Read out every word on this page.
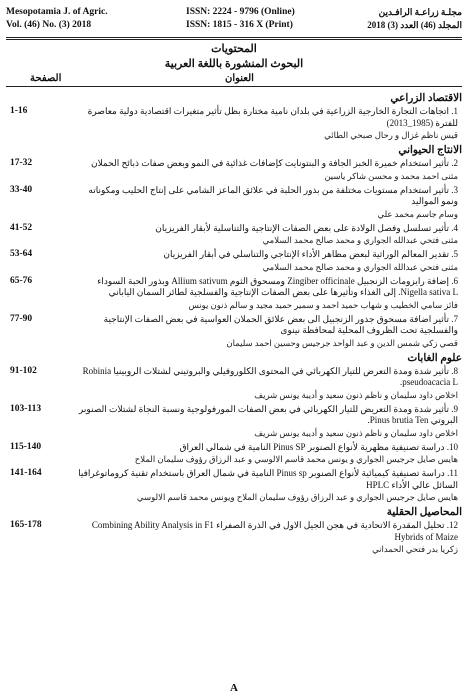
Mesopotamia J. of Agric.
Vol. (46) No. (3) 2018
ISSN: 2224 - 9796 (Online)
ISSN: 1815 - 316 X (Print)
مجلـة زراعـة الرافـدين
المجلد (46) العدد (3) 2018
المحتويات
البحوث المنشورة باللغة العربية
الصفحة	العنوان
الاقتصاد الزراعي
1-16	1. اتجاهات التجارة الخارجية الزراعية في بلدان نامية مختارة بظل تأثير متغيرات اقتصادية دولية معاصرة للفترة (1985_2013)
قيس ناظم غزال و رحال صبحي الطائي
الانتاج الحيواني
17-32	2. تأثير استخدام خميرة الخبز الجافة و البنتونايت كإضافات غذائية في النمو وبعض صفات ذبائح الحملان
مثنى احمد محمد و محسن شاكر ياسين
33-40	3. تأثير استخدام مستويات مختلفة من بذور الحلبة في علائق الماعز الشامي على إنتاج الحليب ومكوناته ونمو المواليد
وسام جاسم محمد علي
41-52	4. تأثير تسلسل وفصل الولادة على بعض الصفات الإنتاجية والتناسلية لأبقار الفريزيان
مثنى فتحي عبدالله الجواري و محمد صالح محمد السلامي
53-64	5. تقدير المعالم الوراثية لبعض مظاهر الأداء الإنتاجي والتناسلي في أبقار الفريزيان
مثنى فتحي عبدالله الجواري و محمد صالح محمد السلامي
65-76	6. إضافة رايزومات الزنجبيل Zingiber officinale ومسحوق الثوم Allium sativum وبذور الحبة السوداء Nigella sativa L. إلى الغذاء وتأثيرها على بعض الصفات الإنتاجية والفسلجية لطائر السمان الياباني
فائز سامي الخطيب و شهاب حميد احمد و سمير حميد مجيد و سالم ذنون يونس
77-90	7. تأثير اضافة مسحوق جذور الزنجبيل الى بعض علائق الحملان العواسية في بعض الصفات الإنتاجية والفسلجية تحت الظروف المحلية لمحافظة نينوى
قصي زكي شمس الدين و عبد الواحد جرجيس وحسين احمد سليمان
علوم الغابات
91-102	8. تأثير شدة ومدة التعرض للتيار الكهربائي في المحتوى الكلوروفيلي والبروتيني لشتلات الروبينيا Robinia pseudoacacia L.
اخلاص داود سليمان و ناظم ذنون سعيد و أديبة يونس شريف
103-113	9. تأثير شدة ومدة التعريض للتيار الكهربائي في بعض الصفات المورفولوجية ونسبة النجاة لشتلات الصنوبر البروتي Pinus brutia Ten.
اخلاص داود سليمان و ناظم ذنون سعيد و أديبة يونس شريف
115-140	10. دراسة تصنيفية مظهرية لأنواع الصنوبر Pinus SP النامية في شمالي العراق
هايس صايل جرجيس الجواري و يونس محمد قاسم الالوسي و عبد الرزاق رؤوف سليمان الملاح
141-164	11. دراسة تصنيفية كيميائية لأنواع الصنوبر Pinus sp النامية في شمال العراق باستخدام تقنية كروماتوغرافيا السائل عالي الأداء HPLC
هايس صايل جرجيس الجواري و عبد الرزاق رؤوف سليمان الملاح ويونس محمد قاسم الالوسي
المحاصيل الحقلية
165-178	12. تحليل المقدرة الاتحادية في هجن الجيل الاول في الذرة الصفراء Combining Ability Analysis in F1 Hybrids of Maize
زكريا بدر فتحي الحمداني
A
